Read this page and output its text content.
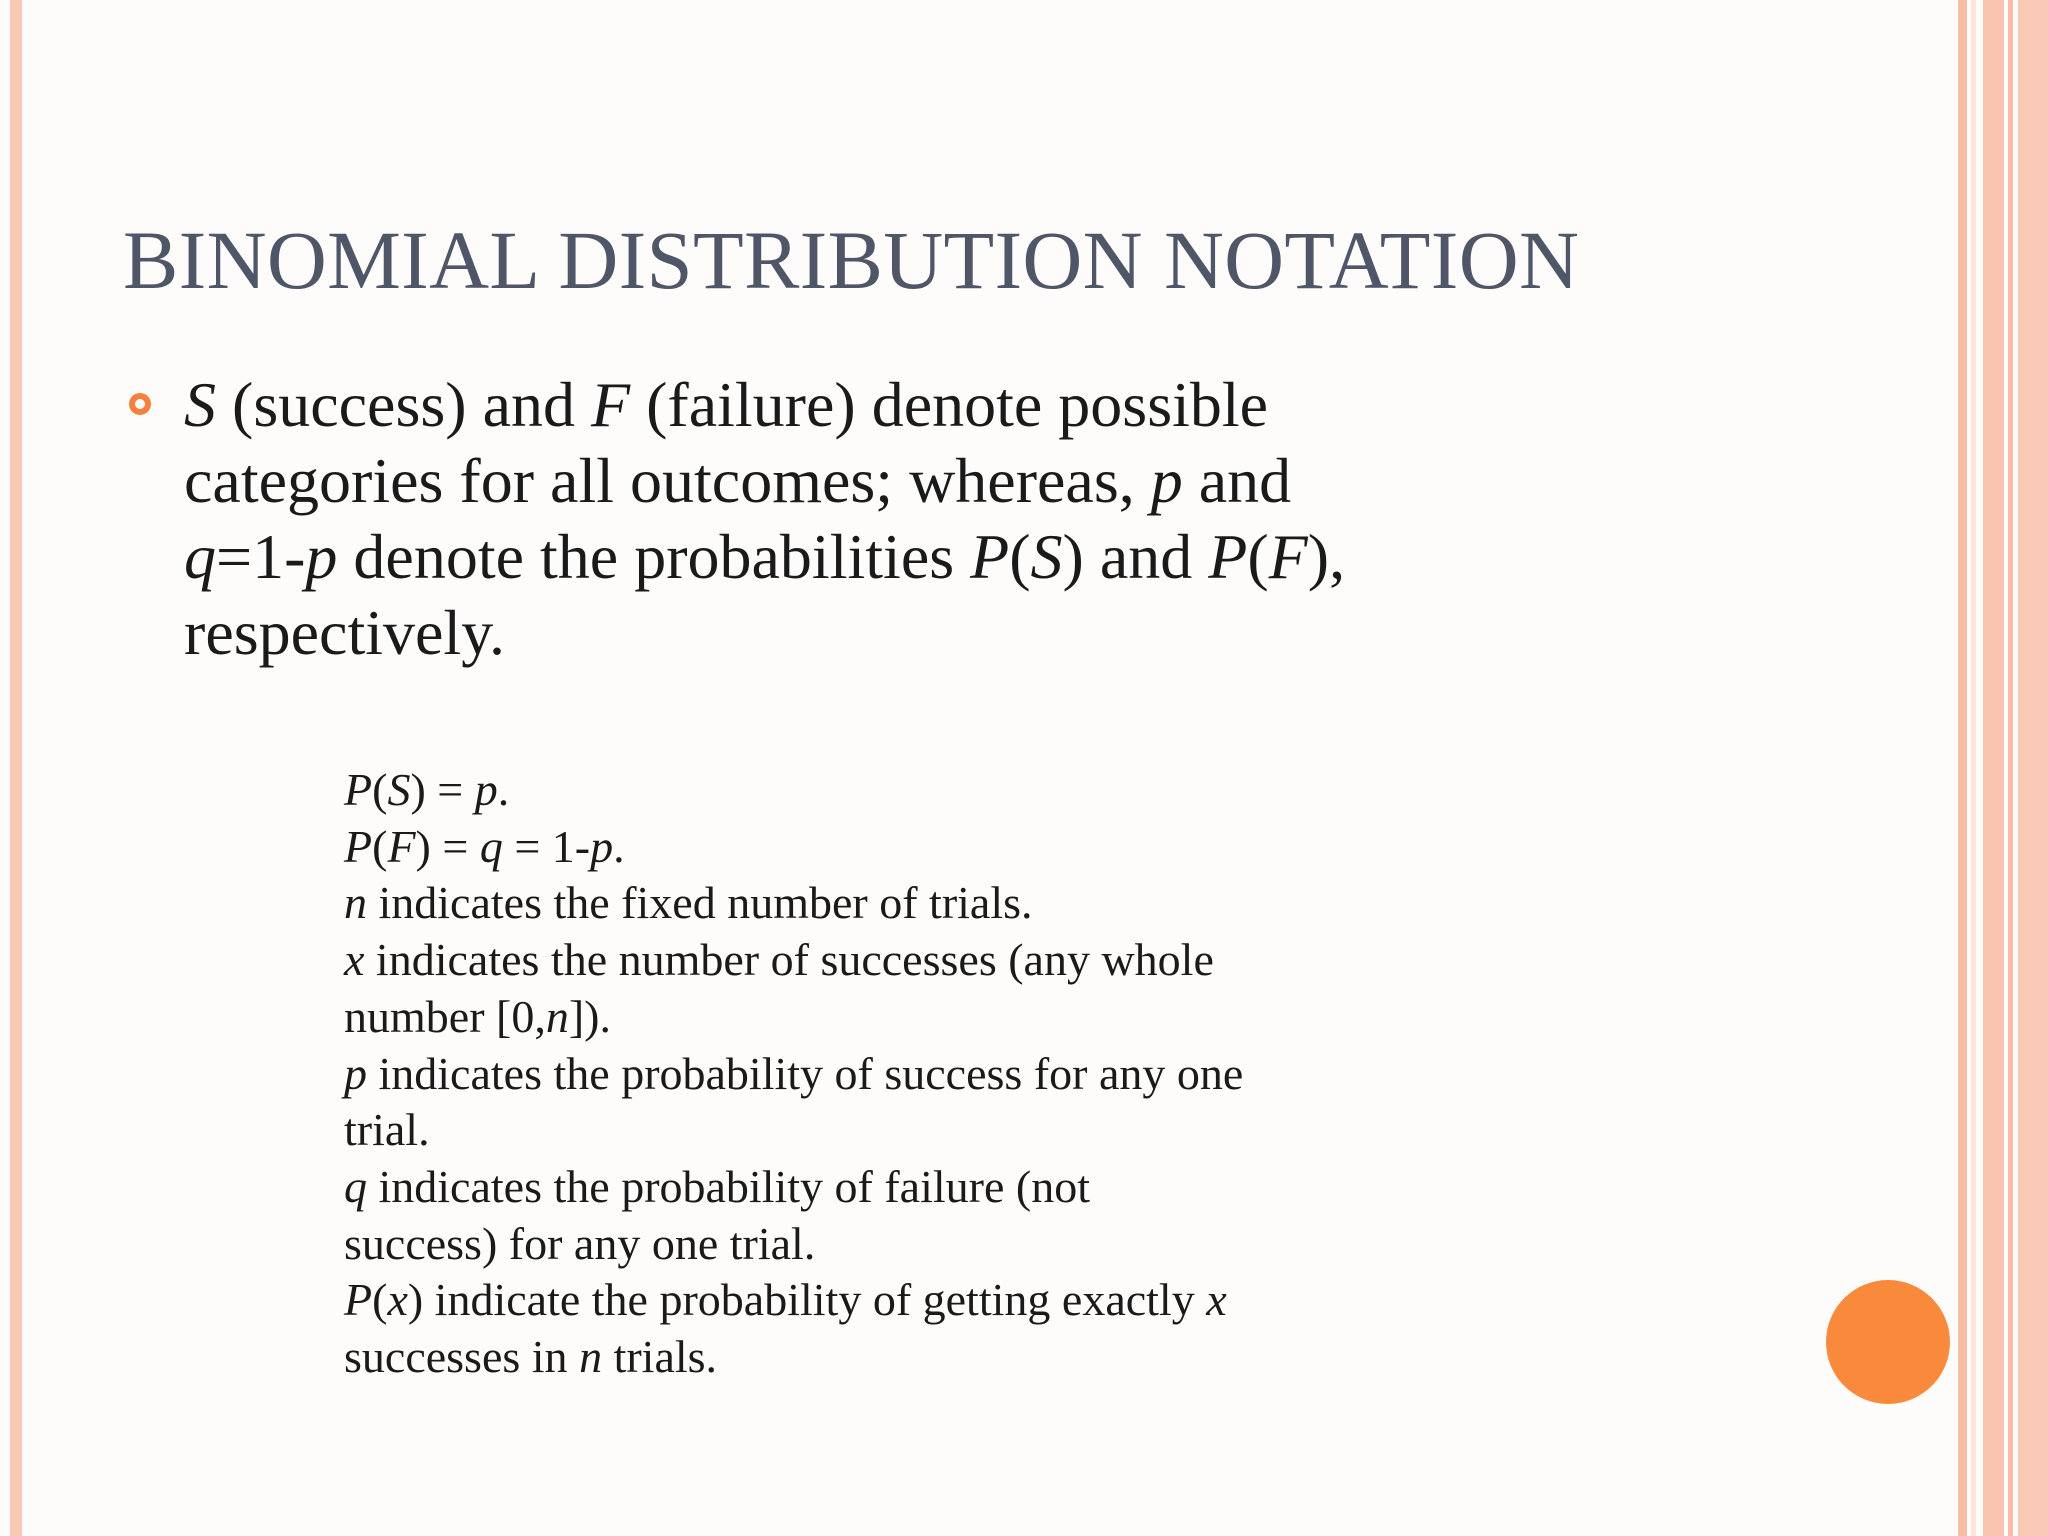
BINOMIAL DISTRIBUTION NOTATION
S (success) and F (failure) denote possible
categories for all outcomes; whereas, p and
q=1-p denote the probabilities P(S) and P(F),
respectively.
P(S) = p.
P(F) = q = 1-p.
n indicates the fixed number of trials.
x indicates the number of successes (any whole
number [0,n]).
p indicates the probability of success for any one
trial.
q indicates the probability of failure (not
success) for any one trial.
P(x) indicate the probability of getting exactly x
successes in n trials.
